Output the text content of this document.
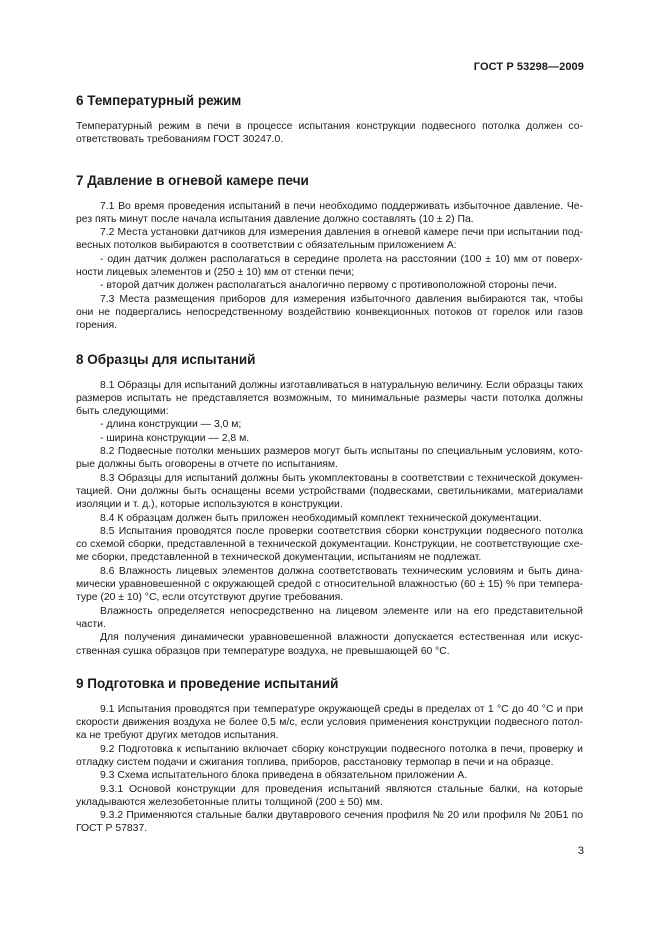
ГОСТ Р 53298—2009
6 Температурный режим

Температурный режим в печи в процессе испытания конструкции подвесного потолка должен соответствовать требованиям ГОСТ 30247.0.

7 Давление в огневой камере печи

7.1 Во время проведения испытаний в печи необходимо поддерживать избыточное давление. Через пять минут после начала испытания давление должно составлять (10 ± 2) Па.

7.2 Места установки датчиков для измерения давления в огневой камере печи при испытании подвесных потолков выбираются в соответствии с обязательным приложением А:

- один датчик должен располагаться в середине пролета на расстоянии (100 ± 10) мм от поверхности лицевых элементов и (250 ± 10) мм от стенки печи;

- второй датчик должен располагаться аналогично первому с противоположной стороны печи.

7.3 Места размещения приборов для измерения избыточного давления выбираются так, чтобы они не подвергались непосредственному воздействию конвекционных потоков от горелок или газов горения.

8 Образцы для испытаний

8.1 Образцы для испытаний должны изготавливаться в натуральную величину. Если образцы таких размеров испытать не представляется возможным, то минимальные размеры части потолка должны быть следующими:

- длина конструкции — 3,0 м;

- ширина конструкции — 2,8 м.

8.2 Подвесные потолки меньших размеров могут быть испытаны по специальным условиям, которые должны быть оговорены в отчете по испытаниям.

8.3 Образцы для испытаний должны быть укомплектованы в соответствии с технической документацией. Они должны быть оснащены всеми устройствами (подвесками, светильниками, материалами изоляции и т. д.), которые используются в конструкции.

8.4 К образцам должен быть приложен необходимый комплект технической документации.

8.5 Испытания проводятся после проверки соответствия сборки конструкции подвесного потолка со схемой сборки, представленной в технической документации. Конструкции, не соответствующие схеме сборки, представленной в технической документации, испытаниям не подлежат.

8.6 Влажность лицевых элементов должна соответствовать техническим условиям и быть динамически уравновешенной с окружающей средой с относительной влажностью (60 ± 15) % при температуре (20 ± 10) °С, если отсутствуют другие требования.

Влажность определяется непосредственно на лицевом элементе или на его представительной части.

Для получения динамически уравновешенной влажности допускается естественная или искусственная сушка образцов при температуре воздуха, не превышающей 60 °С.

9 Подготовка и проведение испытаний

9.1 Испытания проводятся при температуре окружающей среды в пределах от 1 °С до 40 °С и при скорости движения воздуха не более 0,5 м/с, если условия применения конструкции подвесного потолка не требуют других методов испытания.

9.2 Подготовка к испытанию включает сборку конструкции подвесного потолка в печи, проверку и отладку систем подачи и сжигания топлива, приборов, расстановку термопар в печи и на образце.

9.3 Схема испытательного блока приведена в обязательном приложении А.

9.3.1 Основой конструкции для проведения испытаний являются стальные балки, на которые укладываются железобетонные плиты толщиной (200 ± 50) мм.

9.3.2 Применяются стальные балки двутаврового сечения профиля № 20 или профиля № 20Б1 по ГОСТ Р 57837.

3
